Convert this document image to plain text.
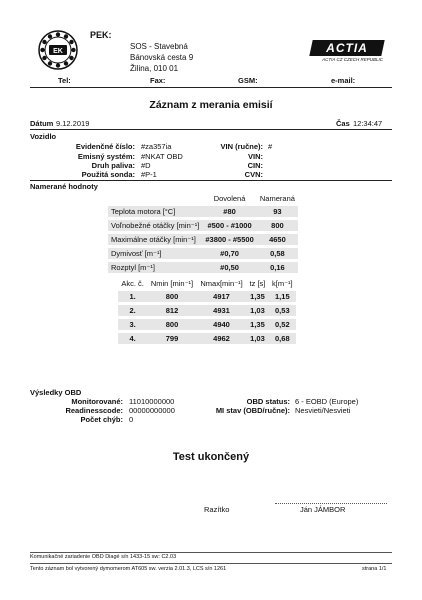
EK
PEK:
SOS - Stavebná
Bánovská cesta 9
Žilina, 010 01
ACTIA
ACTIA CZ CZECH REPUBLIC
Tel:	Fax:	GSM:	e-mail:
Záznam z merania emisií
Dátum 9.12.2019	Čas 12:34:47
Vozidlo
Evidenčné číslo: #za357ia
Emisný systém: #NKAT OBD
Druh paliva: #D
Použitá sonda: #P-1
VIN (ručne): #
VIN:
CIN:
CVN:
Namerané hodnoty
	Dovolená	Nameraná

Teplota motora [°C]	#80	93

Voľnobežné otáčky [min⁻¹]	#500 - #1000	800

Maximálne otáčky [min⁻¹]	#3800 - #5500	4650

Dymivosť [m⁻¹]	#0,70	0,58

Rozptyl [m⁻¹]	#0,50	0,16
Akc. č.	Nmin [min⁻¹]	Nmax[min⁻¹]	tz [s]	k[m⁻¹]

1.	800	4917	1,35	1,15

2.	812	4931	1,03	0,53

3.	800	4940	1,35	0,52

4.	799	4962	1,03	0,68
Výsledky OBD
Monitorované: 11010000000
Readinesscode: 00000000000
Počet chýb: 0
OBD status: 6 - EOBD (Europe)
MI stav (OBD/ručne): Nesvieti/Nesvieti
Test ukončený
Razítko	Ján JÁMBOR
Komunikačné zariadenie OBD Diagé s/n 1433-15 sw: C2.03
Tento záznam bol vytvorený dymomerom AT605 sw. verzia 2.01.3, LCS s/n 1261	strana 1/1
